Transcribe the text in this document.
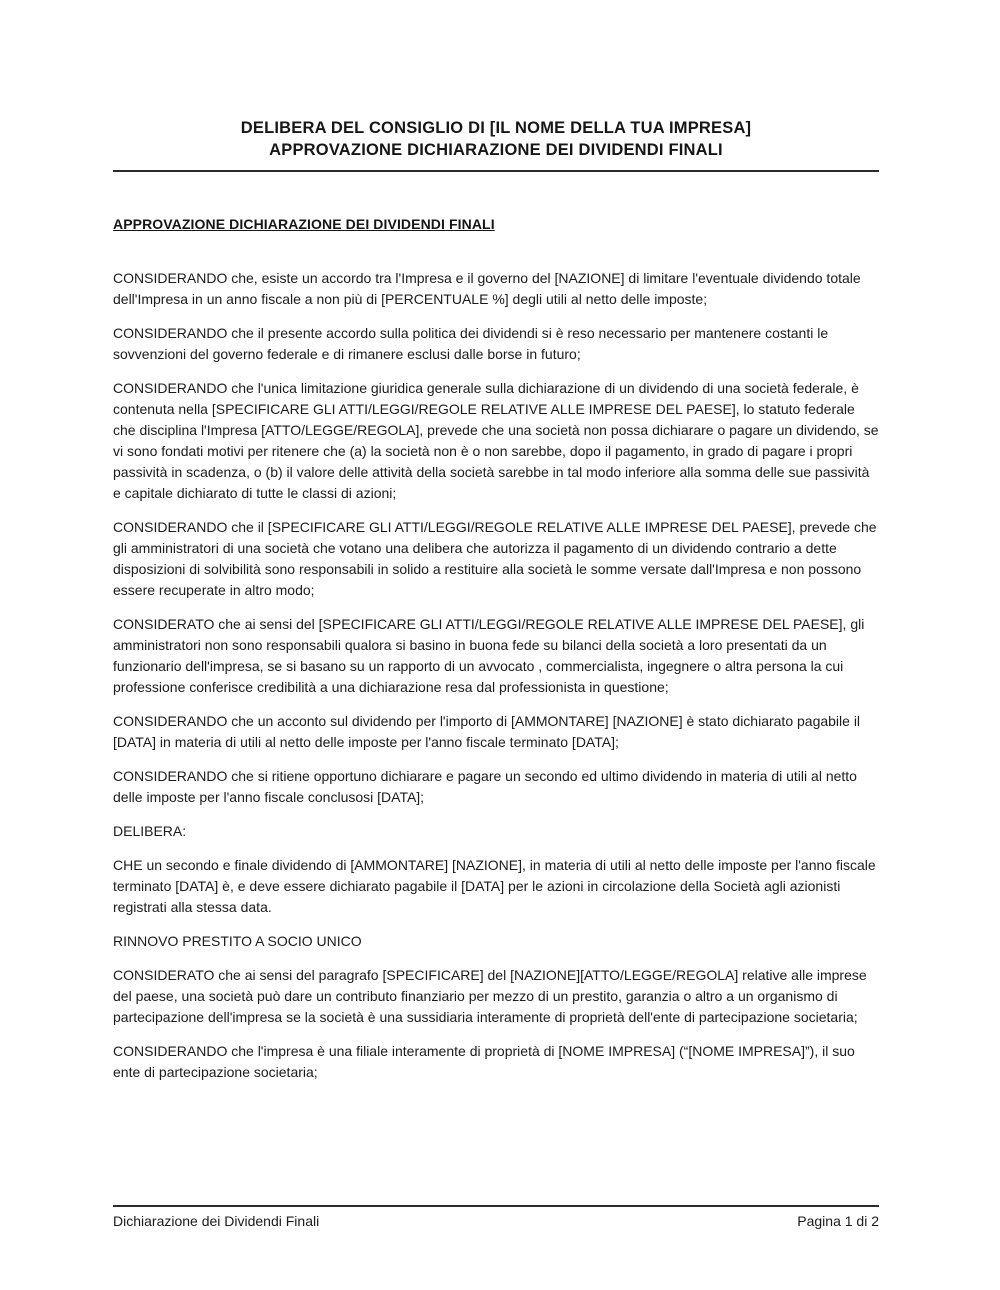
DELIBERA DEL CONSIGLIO DI [IL NOME DELLA TUA IMPRESA]
APPROVAZIONE DICHIARAZIONE DEI DIVIDENDI FINALI
APPROVAZIONE DICHIARAZIONE DEI DIVIDENDI FINALI

CONSIDERANDO che, esiste un accordo tra l'Impresa e il governo del [NAZIONE] di limitare l'eventuale dividendo totale dell'Impresa in un anno fiscale a non più di [PERCENTUALE %] degli utili al netto delle imposte;

CONSIDERANDO che il presente accordo sulla politica dei dividendi si è reso necessario per mantenere costanti le sovvenzioni del governo federale e di rimanere esclusi dalle borse in futuro;

CONSIDERANDO che l'unica limitazione giuridica generale sulla dichiarazione di un dividendo di una società federale, è contenuta nella [SPECIFICARE GLI ATTI/LEGGI/REGOLE RELATIVE ALLE IMPRESE DEL PAESE], lo statuto federale che disciplina l'Impresa [ATTO/LEGGE/REGOLA], prevede che una società non possa dichiarare o pagare un dividendo, se vi sono fondati motivi per ritenere che (a) la società non è o non sarebbe, dopo il pagamento, in grado di pagare i propri passività in scadenza, o (b) il valore delle attività della società sarebbe in tal modo inferiore alla somma delle sue passività e capitale dichiarato di tutte le classi di azioni;

CONSIDERANDO che il [SPECIFICARE GLI ATTI/LEGGI/REGOLE RELATIVE ALLE IMPRESE DEL PAESE], prevede che gli amministratori di una società che votano una delibera che autorizza il pagamento di un dividendo contrario a dette disposizioni di solvibilità sono responsabili in solido a restituire alla società le somme versate dall'Impresa e non possono essere recuperate in altro modo;

CONSIDERATO che ai sensi del [SPECIFICARE GLI ATTI/LEGGI/REGOLE RELATIVE ALLE IMPRESE DEL PAESE], gli amministratori non sono responsabili qualora si basino in buona fede su bilanci della società a loro presentati da un funzionario dell'impresa, se si basano su un rapporto di un avvocato , commercialista, ingegnere o altra persona la cui professione conferisce credibilità a una dichiarazione resa dal professionista in questione;

CONSIDERANDO che un acconto sul dividendo per l'importo di [AMMONTARE] [NAZIONE] è stato dichiarato pagabile il [DATA] in materia di utili al netto delle imposte per l'anno fiscale terminato [DATA];

CONSIDERANDO che si ritiene opportuno dichiarare e pagare un secondo ed ultimo dividendo in materia di utili al netto delle imposte per l'anno fiscale conclusosi [DATA];

DELIBERA:

CHE un secondo e finale dividendo di [AMMONTARE] [NAZIONE], in materia di utili al netto delle imposte per l'anno fiscale terminato [DATA] è, e deve essere dichiarato pagabile il [DATA] per le azioni in circolazione della Società agli azionisti registrati alla stessa data.

RINNOVO PRESTITO A SOCIO UNICO

CONSIDERATO che ai sensi del paragrafo [SPECIFICARE] del [NAZIONE][ATTO/LEGGE/REGOLA] relative alle imprese del paese, una società può dare un contributo finanziario per mezzo di un prestito, garanzia o altro a un organismo di partecipazione dell'impresa se la società è una sussidiaria interamente di proprietà dell'ente di partecipazione societaria;

CONSIDERANDO che l'impresa è una filiale interamente di proprietà di [NOME IMPRESA] (“[NOME IMPRESA]”), il suo ente di partecipazione societaria;

Dichiarazione dei Dividendi Finali	Pagina 1 di 2
